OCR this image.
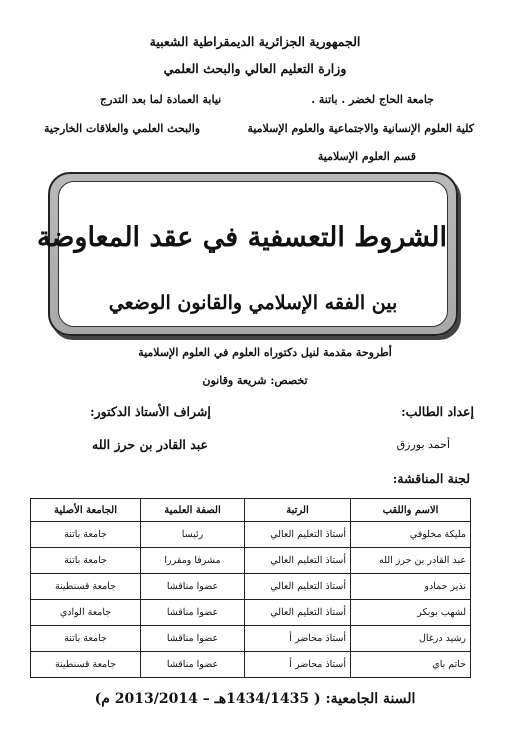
الجمهورية الجزائرية الديمقراطية الشعبية
وزارة التعليم العالي والبحث العلمي
جامعة الحاج لخضر . باتنة .
نيابة العمادة لما بعد التدرج
كلية العلوم الإنسانية والاجتماعية والعلوم الإسلامية
والبحث العلمي والعلاقات الخارجية
قسم العلوم الإسلامية
الشروط التعسفية في عقد المعاوضة
بين الفقه الإسلامي والقانون الوضعي
أطروحة مقدمة لنيل دكتوراه العلوم في العلوم الإسلامية
تخصص: شريعة وقانون
إعداد الطالب:
إشراف الأستاذ الدكتور:
أحمد بورزق
عبد القادر بن حرز الله
لجنة المناقشة:
الاسم واللقب	الرتبة	الصفة العلمية	الجامعة الأصلية
مليكة مخلوفي	أستاذ التعليم العالي	رئيسا	جامعة باتنة
عبد القادر بن حرز الله	أستاذ التعليم العالي	مشرفا ومقررا	جامعة باتنة
نذير حمادو	أستاذ التعليم العالي	عضوا مناقشا	جامعة قسنطينة
لشهب بوبكر	أستاذ التعليم العالي	عضوا مناقشا	جامعة الوادي
رشيد درغال	أستاذ محاضر أ	عضوا مناقشا	جامعة باتنة
حاتم باي	أستاذ محاضر أ	عضوا مناقشا	جامعة قسنطينة
السنة الجامعية: ( 1434/1435هـ – 2013/2014 م)
